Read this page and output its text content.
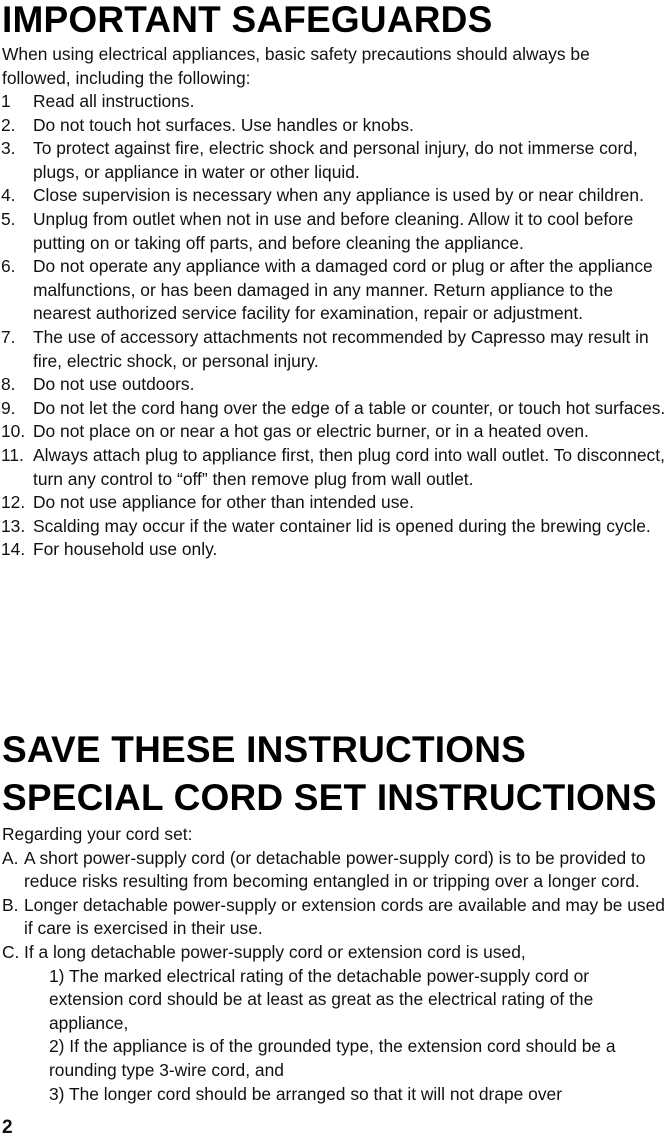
IMPORTANT SAFEGUARDS

When using electrical appliances, basic safety precautions should always be followed, including the following:

1 Read all instructions.
2. Do not touch hot surfaces. Use handles or knobs.
3. To protect against fire, electric shock and personal injury, do not immerse cord, plugs, or appliance in water or other liquid.
4. Close supervision is necessary when any appliance is used by or near children.
5. Unplug from outlet when not in use and before cleaning. Allow it to cool before putting on or taking off parts, and before cleaning the appliance.
6. Do not operate any appliance with a damaged cord or plug or after the appliance malfunctions, or has been damaged in any manner. Return appliance to the nearest authorized service facility for examination, repair or adjustment.
7. The use of accessory attachments not recommended by Capresso may result in fire, electric shock, or personal injury.
8. Do not use outdoors.
9. Do not let the cord hang over the edge of a table or counter, or touch hot surfaces.
10. Do not place on or near a hot gas or electric burner, or in a heated oven.
11. Always attach plug to appliance first, then plug cord into wall outlet. To disconnect, turn any control to “off” then remove plug from wall outlet.
12. Do not use appliance for other than intended use.
13. Scalding may occur if the water container lid is opened during the brewing cycle.
14. For household use only.
SAVE THESE INSTRUCTIONS
SPECIAL CORD SET INSTRUCTIONS

Regarding your cord set:

A. A short power-supply cord (or detachable power-supply cord) is to be provided to reduce risks resulting from becoming entangled in or tripping over a longer cord.
B. Longer detachable power-supply or extension cords are available and may be used if care is exercised in their use.
C. If a long detachable power-supply cord or extension cord is used,
1) The marked electrical rating of the detachable power-supply cord or extension cord should be at least as great as the electrical rating of the appliance,
2) If the appliance is of the grounded type, the extension cord should be a rounding type 3-wire cord, and
3) The longer cord should be arranged so that it will not drape over
2
